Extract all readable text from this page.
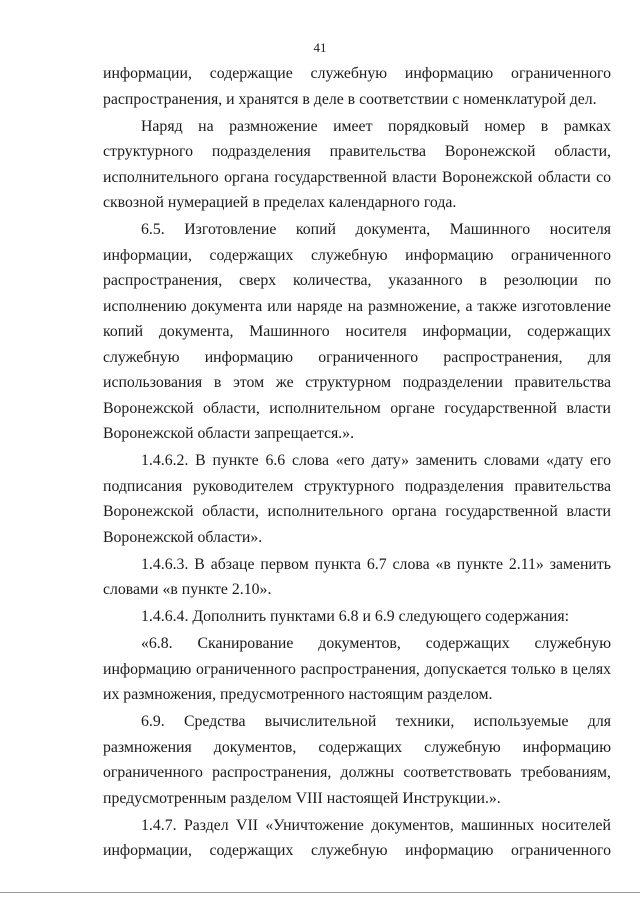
41

информации, содержащие служебную информацию ограниченного распространения, и хранятся в деле в соответствии с номенклатурой дел.

Наряд на размножение имеет порядковый номер в рамках структурного подразделения правительства Воронежской области, исполнительного органа государственной власти Воронежской области со сквозной нумерацией в пределах календарного года.

6.5. Изготовление копий документа, Машинного носителя информации, содержащих служебную информацию ограниченного распространения, сверх количества, указанного в резолюции по исполнению документа или наряде на размножение, а также изготовление копий документа, Машинного носителя информации, содержащих служебную информацию ограниченного распространения, для использования в этом же структурном подразделении правительства Воронежской области, исполнительном органе государственной власти Воронежской области запрещается.».

1.4.6.2. В пункте 6.6 слова «его дату» заменить словами «дату его подписания руководителем структурного подразделения правительства Воронежской области, исполнительного органа государственной власти Воронежской области».

1.4.6.3. В абзаце первом пункта 6.7 слова «в пункте 2.11» заменить словами «в пункте 2.10».

1.4.6.4. Дополнить пунктами 6.8 и 6.9 следующего содержания:

«6.8. Сканирование документов, содержащих служебную информацию ограниченного распространения, допускается только в целях их размножения, предусмотренного настоящим разделом.

6.9. Средства вычислительной техники, используемые для размножения документов, содержащих служебную информацию ограниченного распространения, должны соответствовать требованиям, предусмотренным разделом VIII настоящей Инструкции.».

1.4.7. Раздел VII «Уничтожение документов, машинных носителей информации, содержащих служебную информацию ограниченного
